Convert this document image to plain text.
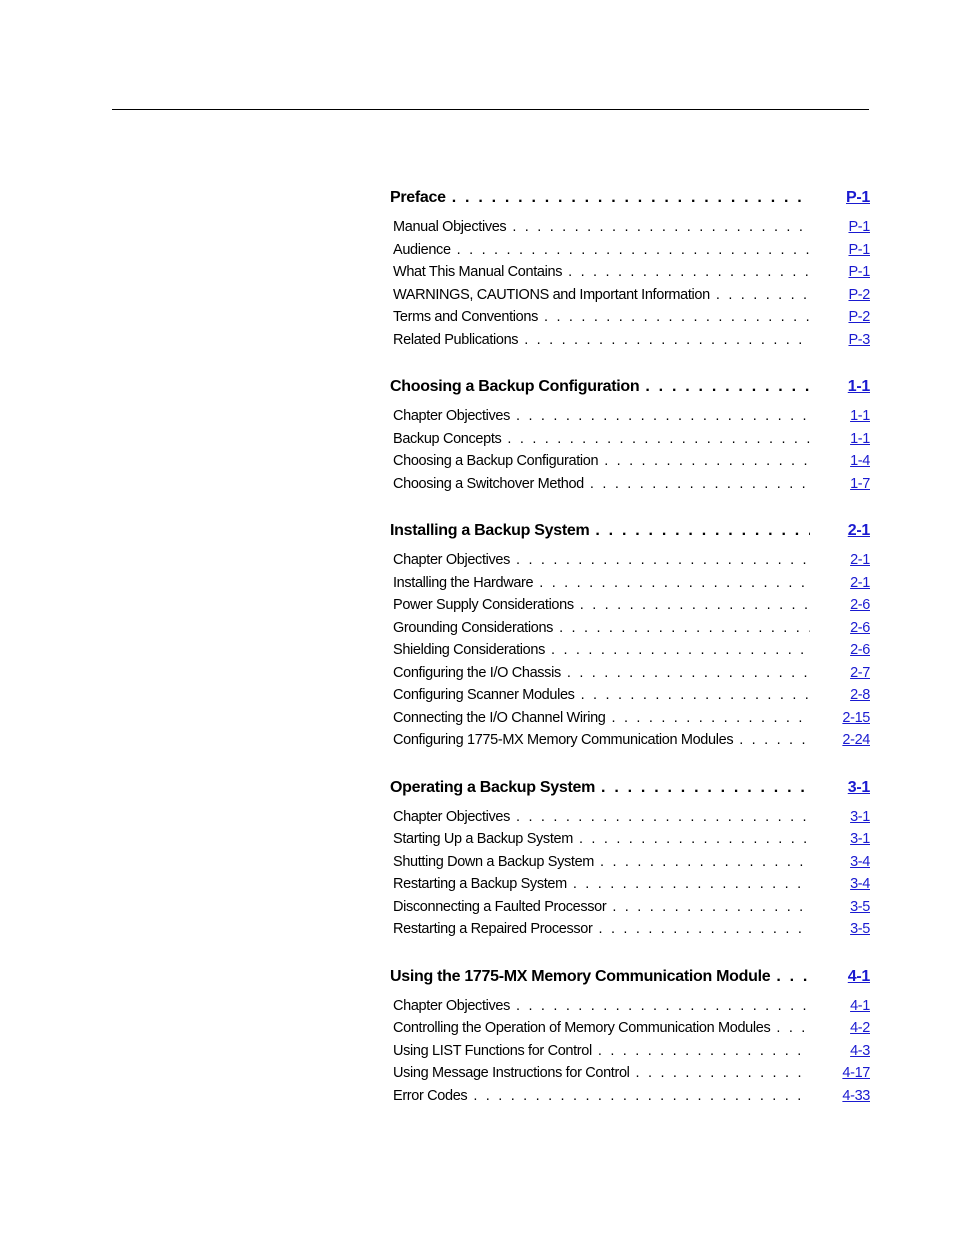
Preface . . .	P-1
Manual Objectives . . .	P-1
Audience . . .	P-1
What This Manual Contains . . .	P-1
WARNINGS, CAUTIONS and Important Information . . .	P-2
Terms and Conventions . . .	P-2
Related Publications . . .	P-3
Choosing a Backup Configuration . . .	1-1
Chapter Objectives . . .	1-1
Backup Concepts . . .	1-1
Choosing a Backup Configuration . . .	1-4
Choosing a Switchover Method . . .	1-7
Installing a Backup System . . .	2-1
Chapter Objectives . . .	2-1
Installing the Hardware . . .	2-1
Power Supply Considerations . . .	2-6
Grounding Considerations . . .	2-6
Shielding Considerations . . .	2-6
Configuring the I/O Chassis . . .	2-7
Configuring Scanner Modules . . .	2-8
Connecting the I/O Channel Wiring . . .	2-15
Configuring 1775-MX Memory Communication Modules . . .	2-24
Operating a Backup System . . .	3-1
Chapter Objectives . . .	3-1
Starting Up a Backup System . . .	3-1
Shutting Down a Backup System . . .	3-4
Restarting a Backup System . . .	3-4
Disconnecting a Faulted Processor . . .	3-5
Restarting a Repaired Processor . . .	3-5
Using the 1775-MX Memory Communication Module . . .	4-1
Chapter Objectives . . .	4-1
Controlling the Operation of Memory Communication Modules . . .	4-2
Using LIST Functions for Control . . .	4-3
Using Message Instructions for Control . . .	4-17
Error Codes . . .	4-33
